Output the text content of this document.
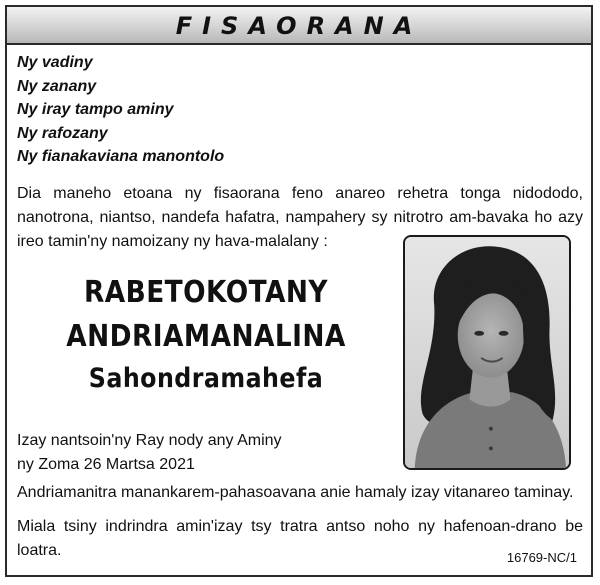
FISAORANA
Ny vadiny
Ny zanany
Ny iray tampo aminy
Ny rafozany
Ny fianakaviana manontolo

Dia maneho etoana ny fisaorana feno anareo rehetra tonga nidododo,
nanotrona, niantso, nandefa hafatra, nampahery sy nitrotro am-bavaka ho azy
ireo tamin'ny namoizany ny hava-malalany :

RABETOKOTANY
ANDRIAMANALINA
Sahondramahefa
Izay nantsoin'ny Ray nody any Aminy
ny Zoma 26 Martsa 2021
Andriamanitra manankarem-pahasoavana anie hamaly izay vitanareo taminay.

Miala tsiny indrindra amin'izay tsy tratra antso noho ny hafenoan-drano be
loatra.	16769-NC/1
